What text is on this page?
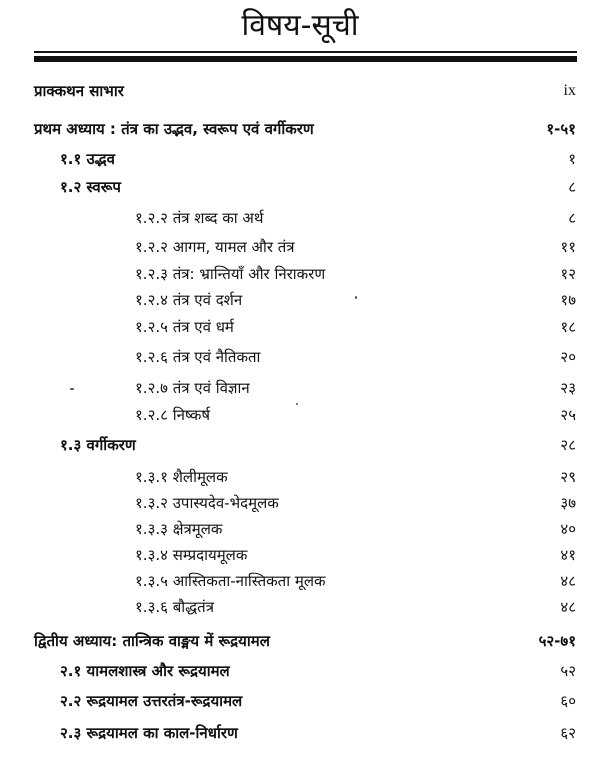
विषय-सूची
प्राक्कथन साभार	ix
प्रथम अध्याय : तंत्र का उद्भव, स्वरूप एवं वर्गीकरण	१-५१
१.१ उद्भव	१
१.२ स्वरूप	८
१.२.२ तंत्र शब्द का अर्थ	८
१.२.२ आगम, यामल और तंत्र	११
१.२.३ तंत्र: भ्रान्तियाँ और निराकरण	१२
१.२.४ तंत्र एवं दर्शन	१७
१.२.५ तंत्र एवं धर्म	१८
१.२.६ तंत्र एवं नैतिकता	२०
१.२.७ तंत्र एवं विज्ञान	२३
१.२.८ निष्कर्ष	२५
१.३ वर्गीकरण	२८
१.३.१ शैलीमूलक	२९
१.३.२ उपास्यदेव-भेदमूलक	३७
१.३.३ क्षेत्रमूलक	४०
१.३.४ सम्प्रदायमूलक	४१
१.३.५ आस्तिकता-नास्तिकता मूलक	४८
१.३.६ बौद्धतंत्र	४८
द्वितीय अध्याय: तान्त्रिक वाङ्मय में रूद्रयामल	५२-७१
२.१ यामलशास्त्र और रूद्रयामल	५२
२.२ रूद्रयामल उत्तरतंत्र-रूद्रयामल	६०
२.३ रूद्रयामल का काल-निर्धारण	६२
